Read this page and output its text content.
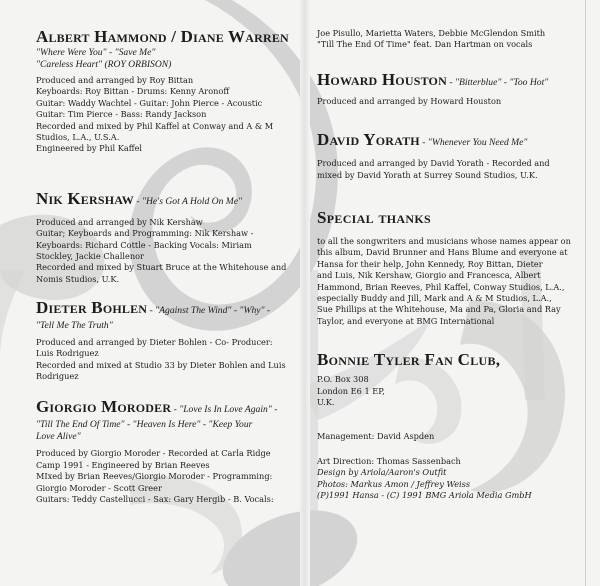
Albert Hammond / Diane Warren

"Where Were You" - "Save Me"

"Careless Heart" (ROY ORBISON)

Produced and arranged by Roy Bittan

Keyboards: Roy Bittan - Drums: Kenny Aronoff

Guitar: Waddy Wachtel - Guitar: John Pierce - Acoustic

Guitar: Tim Pierce - Bass: Randy Jackson

Recorded and mixed by Phil Kaffel at Conway and A & M

Studios, L.A., U.S.A.

Engineered by Phil Kaffel

Nik Kershaw - "He's Got A Hold On Me"

Produced and arranged by Nik Kershaw

Guitar; Keyboards and Programming: Nik Kershaw -

Keyboards: Richard Cottle - Backing Vocals: Miriam

Stockley, Jackie Challenor

Recorded and mixed by Stuart Bruce at the Whitehouse and

Nomis Studios, U.K.

Dieter Bohlen - "Against The Wind" - "Why" -

"Tell Me The Truth"

Produced and arranged by Dieter Bohlen - Co- Producer:

Luis Rodriguez

Recorded and mixed at Studio 33 by Dieter Bohlen and Luis

Rodriguez

Giorgio Moroder - "Love Is In Love Again" -

"Till The End Of Time" - "Heaven Is Here" - "Keep Your

Love Alive"

Produced by Giorgio Moroder - Recorded at Carla Ridge

Camp 1991 - Engineered by Brian Reeves

MIxed by Brian Reeves/Giorgio Moroder - Programming:

Giorgio Moroder - Scott Greer

Guitars: Teddy Castellucci - Sax: Gary Hergib - B. Vocals:

Joe Pisullo, Marietta Waters, Debbie McGlendon Smith

"Till The End Of Time" feat. Dan Hartman on vocals

Howard Houston - "Bitterblue" - "Too Hot"

Produced and arranged by Howard Houston

David Yorath - "Whenever You Need Me"

Produced and arranged by David Yorath - Recorded and

mixed by David Yorath at Surrey Sound Studios, U.K.

Special thanks

to all the songwriters and musicians whose names appear on

this album, David Brunner and Hans Blume and everyone at

Hansa for their help, John Kennedy, Roy Bittan, Dieter

and Luis, Nik Kershaw, Giorgio and Francesca, Albert

Hammond, Brian Reeves, Phil Kaffel, Conway Studios, L.A.,

especially Buddy and Jill, Mark and A & M Studios, L.A.,

Sue Phillips at the Whitehouse, Ma and Pa, Gloria and Ray

Taylor, and everyone at BMG International

Bonnie Tyler Fan Club,

P.O. Box 308

London E6 1 EP,

U.K.

Management: David Aspden

Art Direction: Thomas Sassenbach

Design by Ariola/Aaron's Outfit

Photos: Markus Amon / Jeffrey Weiss

(P)1991 Hansa - (C) 1991 BMG Ariola Media GmbH
